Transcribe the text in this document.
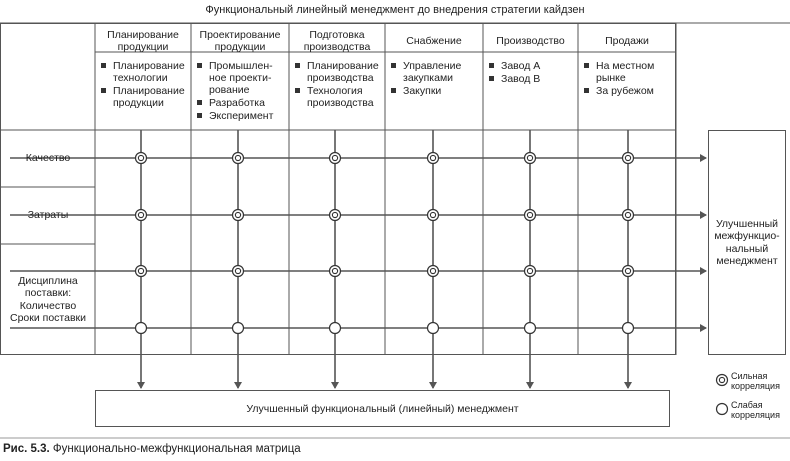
Функциональный линейный менеджмент до внедрения стратегии кайдзен
Планирование
продукции
Планирование
технологии
Планирование
продукции
Проектирование
продукции
Промышлен-
ное проекти-
рование
Разработка
Эксперимент
Подготовка
производства
Планирование
производства
Технология
производства
Снабжение
Управление
закупками
Закупки
Производство
Завод A
Завод B
Продажи
На местном
рынке
За рубежом
Качество
Затраты
Дисциплина
поставки:
Количество
Сроки поставки
Улучшенный
межфункцио-
нальный
менеджмент
Улучшенный функциональный (линейный) менеджмент
Сильная
корреляция
Слабая
корреляция
Рис. 5.3. Функционально-межфункциональная матрица
